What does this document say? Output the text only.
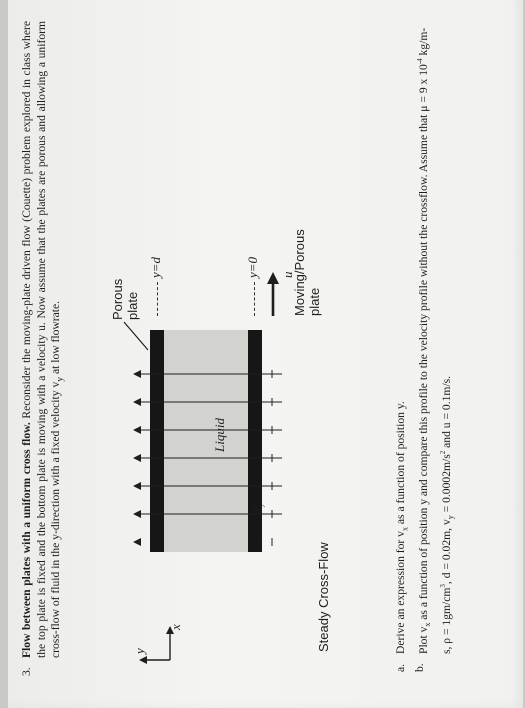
3.
Flow between plates with a uniform cross flow. Reconsider the moving-plate driven flow (Couette) problem explored in class where the top plate is fixed and the bottom plate is moving with a velocity u. Now assume that the plates are porous and allowing a uniform cross-flow of fluid in the y-direction with a fixed velocity $v_y$ at low flowrate.
y
x
Liquid
$v_y$
y=d	y=0 u
Porous plate	Moving/Porous plate
Steady Cross-Flow
a.
Derive an expression for $v_x$ as a function of position y.
b.
Plot $v_x$ as a function of position y and compare this profile to the velocity profile without the crossflow. Assume that μ = 9 x $10^{-4}$ kg/m-s, $\rho = 1gm/cm^3$, d = 0.02m, $v_y = 0.0002m/s^2$ and u = 0.1m/s.
